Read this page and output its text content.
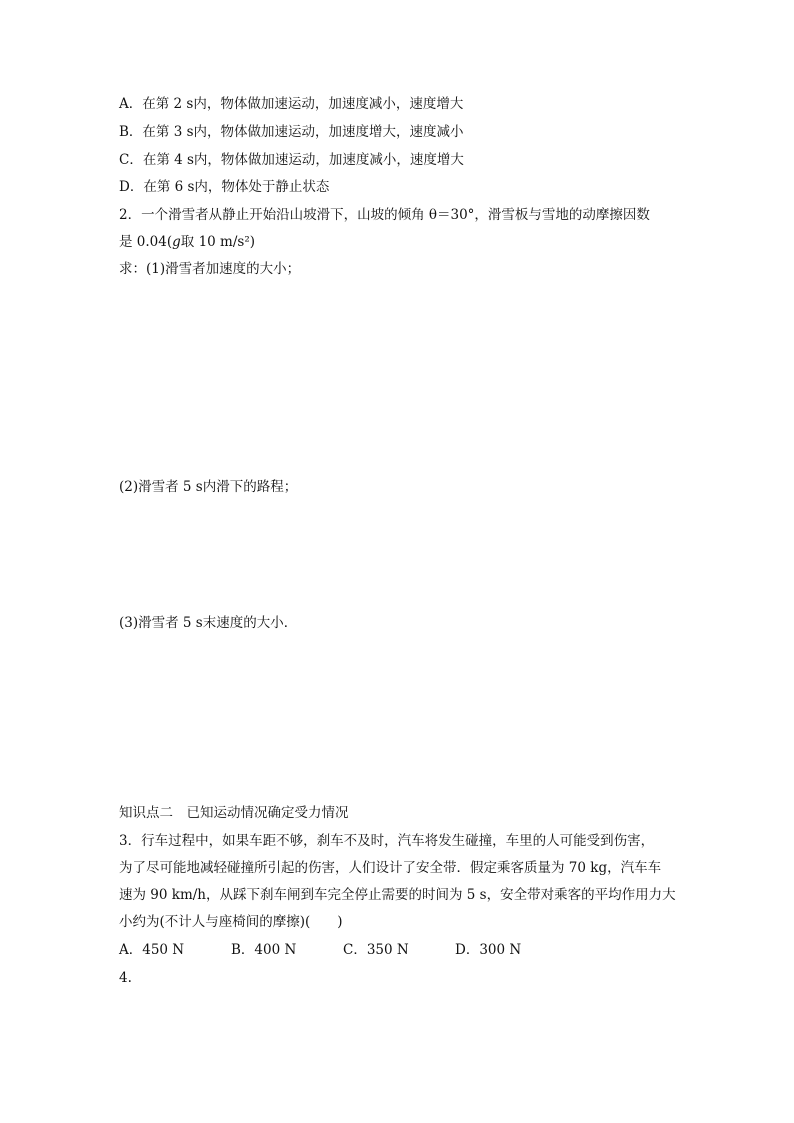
A．在第 2 s内，物体做加速运动，加速度减小，速度增大
B．在第 3 s内，物体做加速运动，加速度增大，速度减小
C．在第 4 s内，物体做加速运动，加速度减小，速度增大
D．在第 6 s内，物体处于静止状态
2．一个滑雪者从静止开始沿山坡滑下，山坡的倾角 θ＝30°，滑雪板与雪地的动摩擦因数
是 0.04(g取 10 m/s²)
求：(1)滑雪者加速度的大小；
(2)滑雪者 5 s内滑下的路程；
(3)滑雪者 5 s末速度的大小．
知识点二　已知运动情况确定受力情况
3．行车过程中，如果车距不够，刹车不及时，汽车将发生碰撞，车里的人可能受到伤害，
为了尽可能地减轻碰撞所引起的伤害，人们设计了安全带．假定乘客质量为 70 kg，汽车车
速为 90 km/h，从踩下刹车闸到车完全停止需要的时间为 5 s，安全带对乘客的平均作用力大
小约为(不计人与座椅间的摩擦)(　　)
A．450 N	B．400 N	C．350 N	D．300 N
4.
